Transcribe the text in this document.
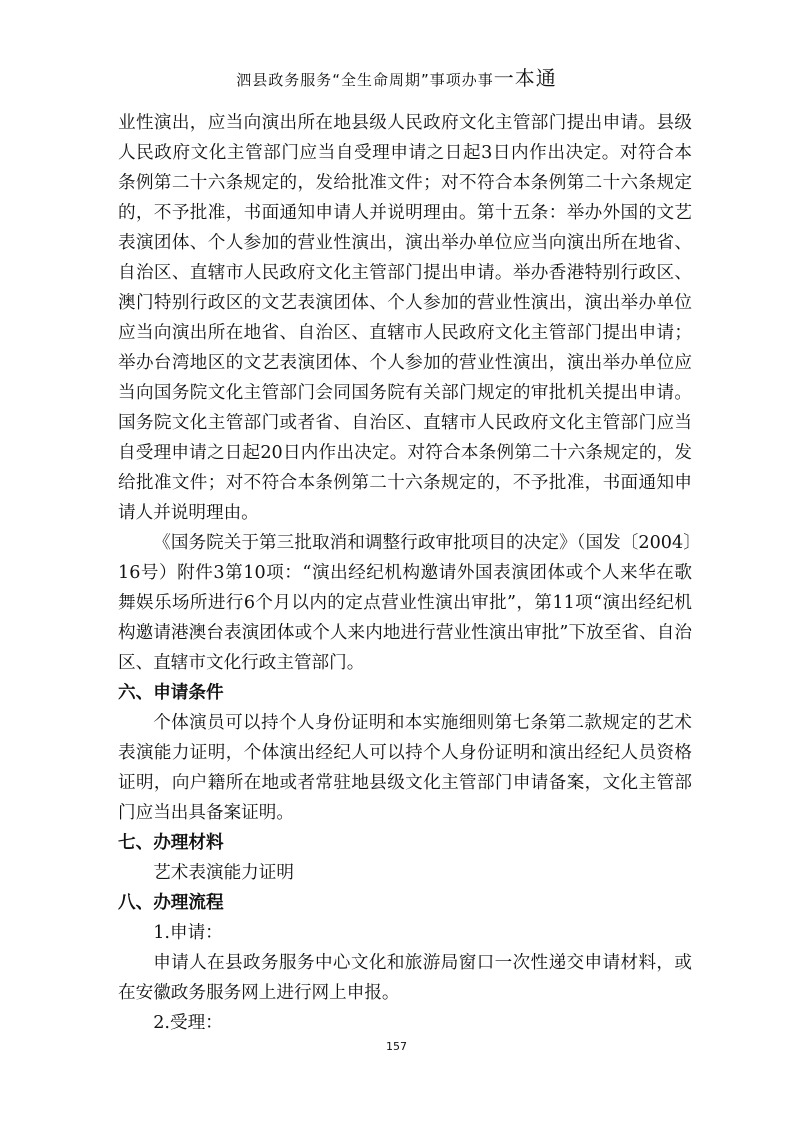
泗县政务服务“全生命周期”事项办事一本通

业性演出，应当向演出所在地县级人民政府文化主管部门提出申请。县级人民政府文化主管部门应当自受理申请之日起3日内作出决定。对符合本条例第二十六条规定的，发给批准文件；对不符合本条例第二十六条规定的，不予批准，书面通知申请人并说明理由。第十五条：举办外国的文艺表演团体、个人参加的营业性演出，演出举办单位应当向演出所在地省、自治区、直辖市人民政府文化主管部门提出申请。举办香港特别行政区、澳门特别行政区的文艺表演团体、个人参加的营业性演出，演出举办单位应当向演出所在地省、自治区、直辖市人民政府文化主管部门提出申请；举办台湾地区的文艺表演团体、个人参加的营业性演出，演出举办单位应当向国务院文化主管部门会同国务院有关部门规定的审批机关提出申请。国务院文化主管部门或者省、自治区、直辖市人民政府文化主管部门应当自受理申请之日起20日内作出决定。对符合本条例第二十六条规定的，发给批准文件；对不符合本条例第二十六条规定的，不予批准，书面通知申请人并说明理由。

《国务院关于第三批取消和调整行政审批项目的决定》（国发〔2004〕16号）附件3第10项：“演出经纪机构邀请外国表演团体或个人来华在歌舞娱乐场所进行6个月以内的定点营业性演出审批”，第11项“演出经纪机构邀请港澳台表演团体或个人来内地进行营业性演出审批”下放至省、自治区、直辖市文化行政主管部门。

六、申请条件

个体演员可以持个人身份证明和本实施细则第七条第二款规定的艺术表演能力证明，个体演出经纪人可以持个人身份证明和演出经纪人员资格证明，向户籍所在地或者常驻地县级文化主管部门申请备案，文化主管部门应当出具备案证明。

七、办理材料

艺术表演能力证明

八、办理流程

1.申请：

申请人在县政务服务中心文化和旅游局窗口一次性递交申请材料，或在安徽政务服务网上进行网上申报。

2.受理：

157
